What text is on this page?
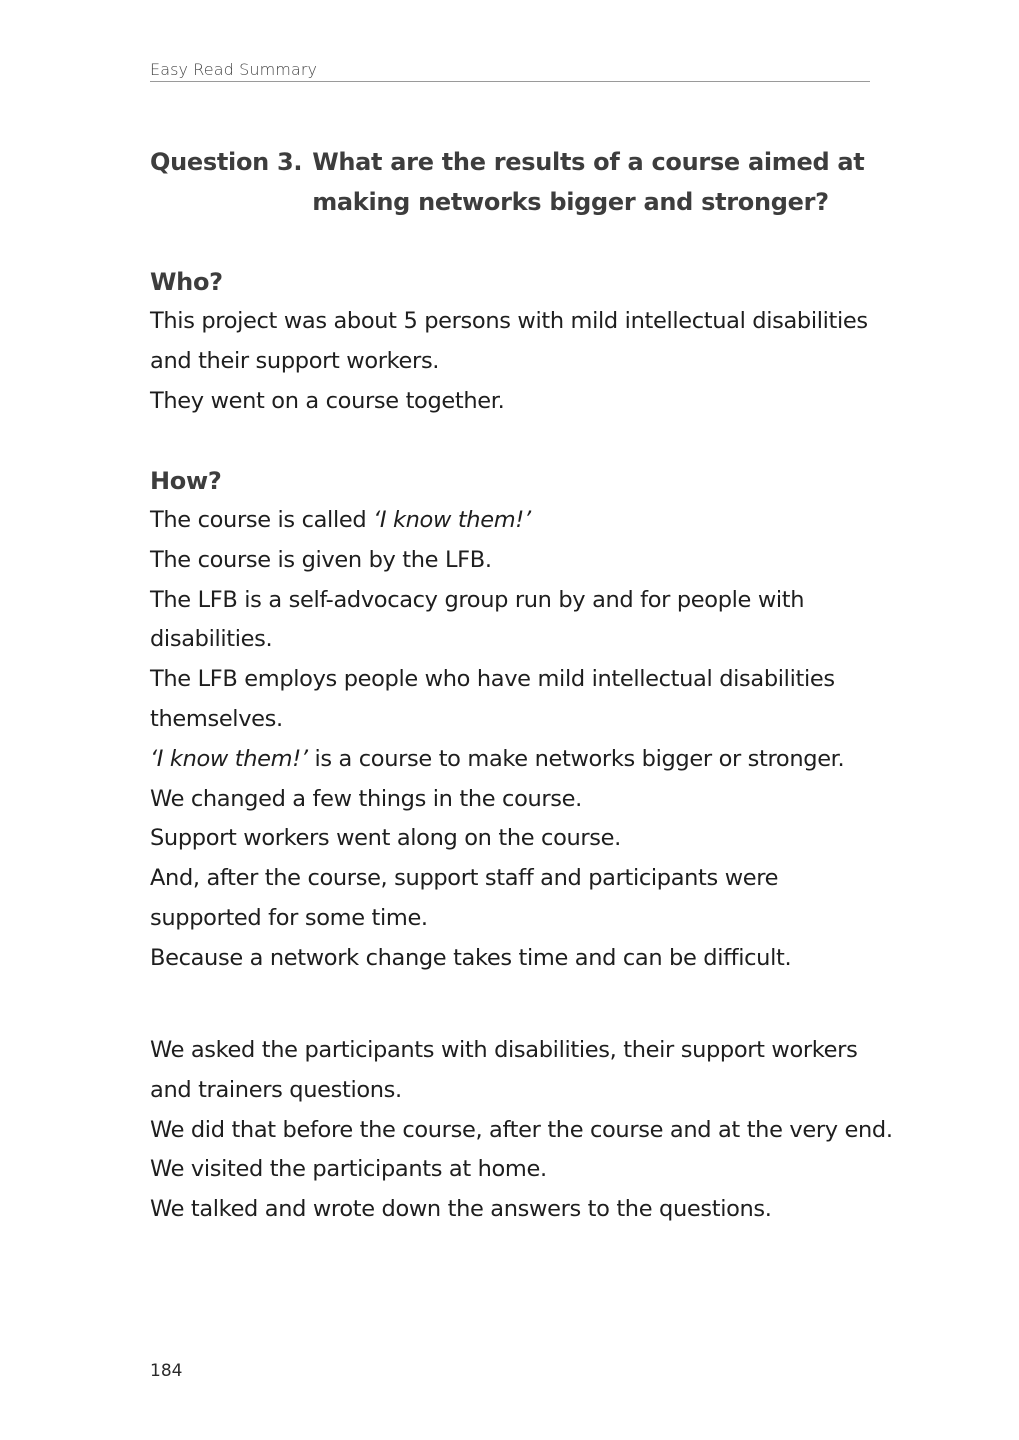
Easy Read Summary
Question 3. What are the results of a course aimed at making networks bigger and stronger?
Who?
This project was about 5 persons with mild intellectual disabilities and their support workers.
They went on a course together.
How?
The course is called ‘I know them!’
The course is given by the LFB.
The LFB is a self-advocacy group run by and for people with disabilities.
The LFB employs people who have mild intellectual disabilities themselves.
‘I know them!’ is a course to make networks bigger or stronger.
We changed a few things in the course.
Support workers went along on the course.
And, after the course, support staff and participants were supported for some time.
Because a network change takes time and can be difficult.
We asked the participants with disabilities, their support workers and trainers questions.
We did that before the course, after the course and at the very end.
We visited the participants at home.
We talked and wrote down the answers to the questions.
184
